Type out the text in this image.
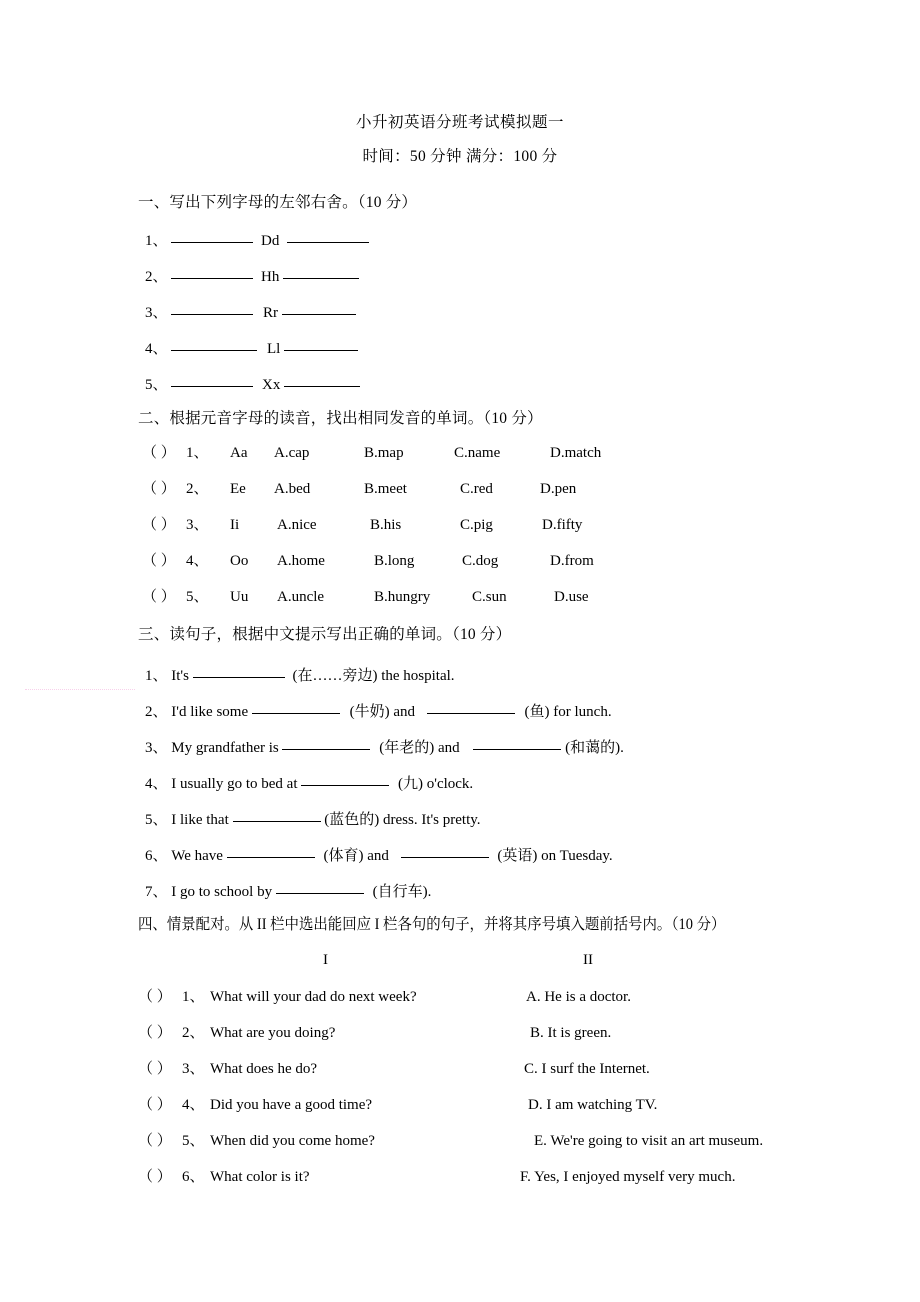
小升初英语分班考试模拟题一
时间：50 分钟 满分：100 分
一、写出下列字母的左邻右舍。（10 分）
1、	Dd
2、	Hh
3、	Rr
4、	Ll
5、	Xx
二、根据元音字母的读音，找出相同发音的单词。（10 分）
（ ） 1、 Aa A.cap	B.map	C.name	D.match
（ ） 2、 Ee A.bed	B.meet	C.red	D.pen
（ ） 3、 Ii	A.nice	B.his	C.pig	D.fifty
（ ） 4、 Oo A.home	B.long	C.dog	D.from
（ ） 5、 Uu A.uncle	B.hungry	C.sun	D.use
三、读句子，根据中文提示写出正确的单词。（10 分）
1、 It's	(在……旁边) the hospital.
2、 I'd like some	(牛奶) and	(鱼) for lunch.
3、 My grandfather is	(年老的) and	(和蔼的).
4、 I usually go to bed at	(九) o'clock.
5、 I like that	(蓝色的) dress. It's pretty.
6、 We have	(体育) and	(英语) on Tuesday.
7、 I go to school by	(自行车).
四、情景配对。从 II 栏中选出能回应 I 栏各句的句子，并将其序号填入题前括号内。（10 分）
I	II
（ ） 1、 What will your dad do next week?	A. He is a doctor.
（ ） 2、 What are you doing?	B. It is green.
（ ） 3、 What does he do?	C. I surf the Internet.
（ ） 4、 Did you have a good time?	D. I am watching TV.
（ ） 5、 When did you come home?	E. We're going to visit an art museum.
（ ） 6、 What color is it?	F. Yes, I enjoyed myself very much.
